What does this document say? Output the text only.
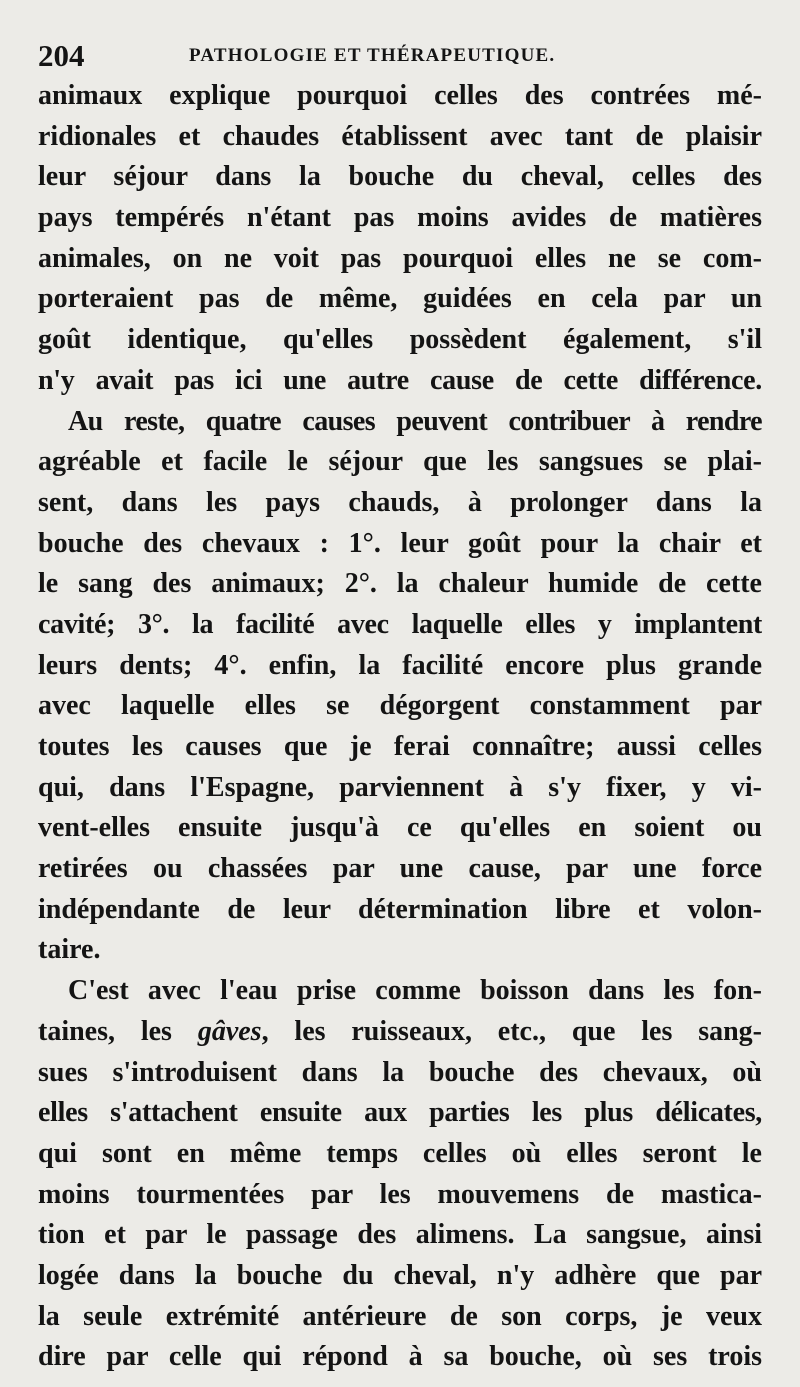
204	PATHOLOGIE ET THÉRAPEUTIQUE.
animaux explique pourquoi celles des contrées mé-
ridionales et chaudes établissent avec tant de plaisir
leur séjour dans la bouche du cheval, celles des
pays tempérés n'étant pas moins avides de matières
animales, on ne voit pas pourquoi elles ne se com-
porteraient pas de même, guidées en cela par un
goût identique, qu'elles possèdent également, s'il
n'y avait pas ici une autre cause de cette différence.
Au reste, quatre causes peuvent contribuer à rendre
agréable et facile le séjour que les sangsues se plai-
sent, dans les pays chauds, à prolonger dans la
bouche des chevaux : 1°. leur goût pour la chair et
le sang des animaux; 2°. la chaleur humide de cette
cavité; 3°. la facilité avec laquelle elles y implantent
leurs dents; 4°. enfin, la facilité encore plus grande
avec laquelle elles se dégorgent constamment par
toutes les causes que je ferai connaître; aussi celles
qui, dans l'Espagne, parviennent à s'y fixer, y vi-
vent-elles ensuite jusqu'à ce qu'elles en soient ou
retirées ou chassées par une cause, par une force
indépendante de leur détermination libre et volon-
taire.
C'est avec l'eau prise comme boisson dans les fon-
taines, les gâves, les ruisseaux, etc., que les sang-
sues s'introduisent dans la bouche des chevaux, où
elles s'attachent ensuite aux parties les plus délicates,
qui sont en même temps celles où elles seront le
moins tourmentées par les mouvemens de mastica-
tion et par le passage des alimens. La sangsue, ainsi
logée dans la bouche du cheval, n'y adhère que par
la seule extrémité antérieure de son corps, je veux
dire par celle qui répond à sa bouche, où ses trois
